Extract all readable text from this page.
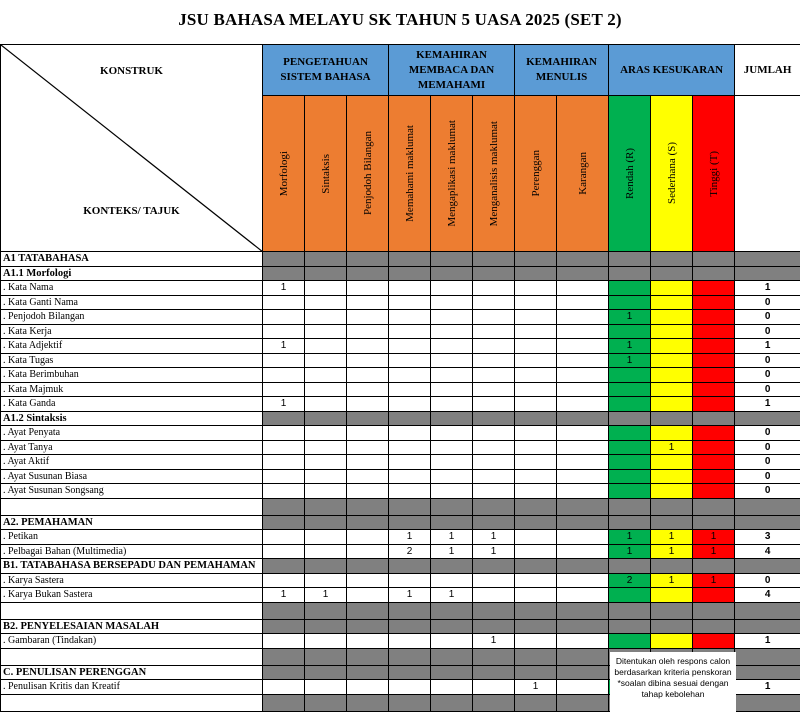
JSU BAHASA MELAYU SK TAHUN 5 UASA 2025 (SET 2)
KONSTRUK
KONTEKS/ TAJUK	PENGETAHUAN SISTEM BAHASA			KEMAHIRAN MEMBACA DAN MEMAHAMI			KEMAHIRAN MENULIS		ARAS KESUKARAN			JUMLAH

	Morfologi	Sintaksis	Penjodoh Bilangan	Memahami maklumat	Mengaplikasi maklumat	Menganalisis maklumat	Perenggan	Karangan	Rendah (R)	Sederhana (S)	Tinggi (T)	

A1 TATABAHASA												
A1.1 Morfologi												
. Kata Nama	1											1
. Kata Ganti Nama												0
. Penjodoh Bilangan									1			0
. Kata Kerja												0
. Kata Adjektif	1								1			1
. Kata Tugas									1			0
. Kata Berimbuhan												0
. Kata Majmuk												0
. Kata Ganda	1											1
A1.2 Sintaksis												
. Ayat Penyata												0
. Ayat Tanya										1		0
. Ayat Aktif												0
. Ayat Susunan Biasa												0
. Ayat Susunan Songsang												0

A2. PEMAHAMAN												
. Petikan				1	1	1			1	1	1	3
. Pelbagai Bahan (Multimedia)				2	1	1			1	1	1	4
B1. TATABAHASA BERSEPADU DAN PEMAHAMAN												
. Karya Sastera									2	1	1	0
. Karya Bukan Sastera	1	1		1	1							4

B2. PENYELESAIAN MASALAH												
. Gambaran (Tindakan)						1						1

C. PENULISAN PERENGGAN												
. Penulisan Kritis dan Kreatif							1					1

Ditentukan oleh respons calon berdasarkan kriteria penskoran *soalan dibina sesuai dengan tahap kebolehan
